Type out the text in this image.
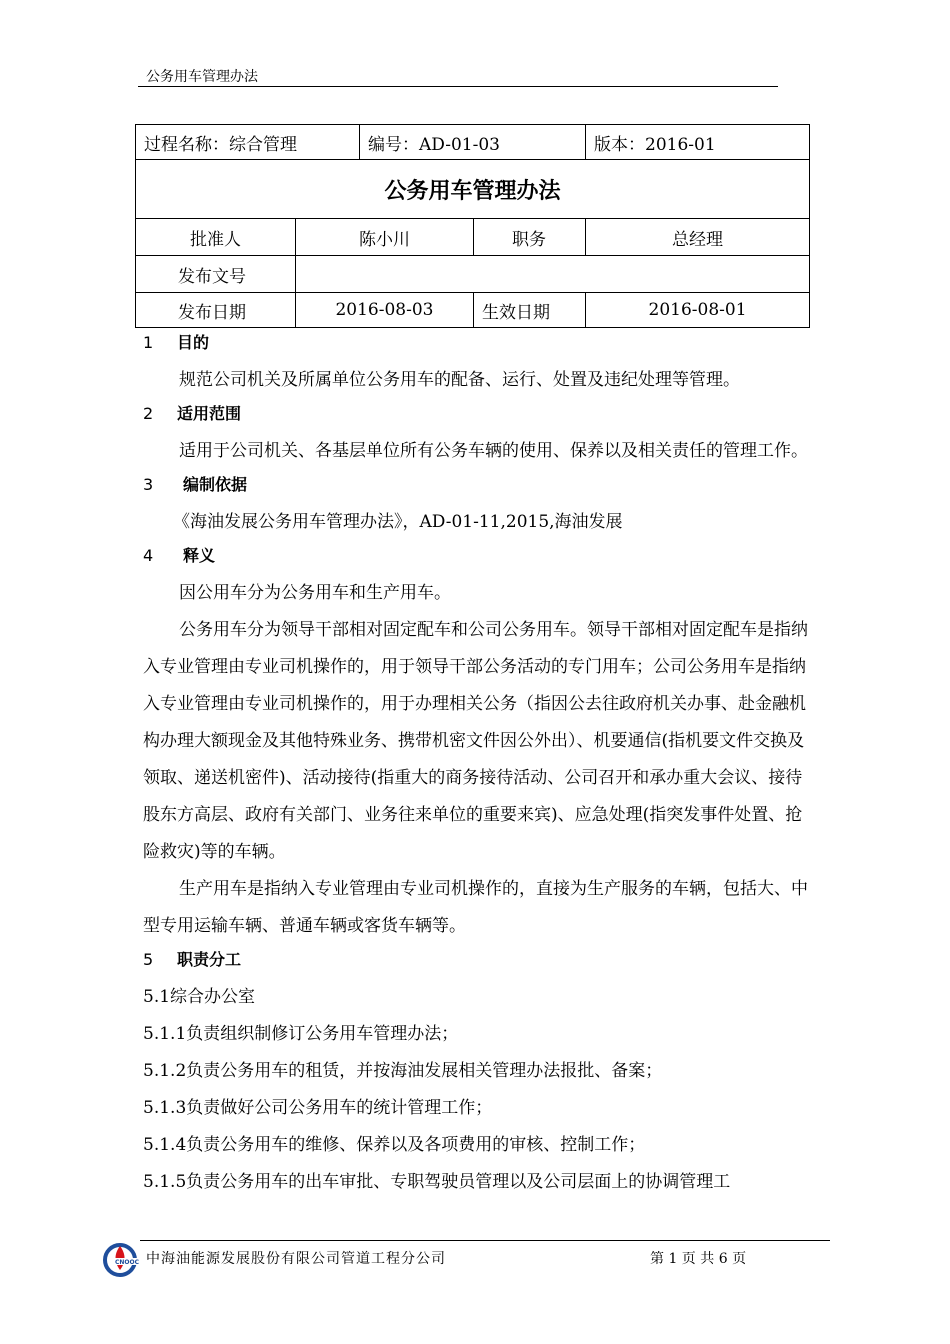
公务用车管理办法
过程名称：综合管理		编号：AD-01-03		版本：2016-01
公务用车管理办法				
批准人	陈小川		职务	总经理
发布文号				
发布日期	2016-08-03		生效日期	2016-08-01
1 目的

规范公司机关及所属单位公务用车的配备、运行、处置及违纪处理等管理。

2 适用范围

适用于公司机关、各基层单位所有公务车辆的使用、保养以及相关责任的管理工作。

3 编制依据

《海油发展公务用车管理办法》，AD-01-11,2015,海油发展

4 释义

因公用车分为公务用车和生产用车。

公务用车分为领导干部相对固定配车和公司公务用车。领导干部相对固定配车是指纳入专业管理由专业司机操作的，用于领导干部公务活动的专门用车；公司公务用车是指纳入专业管理由专业司机操作的，用于办理相关公务（指因公去往政府机关办事、赴金融机构办理大额现金及其他特殊业务、携带机密文件因公外出）、机要通信(指机要文件交换及领取、递送机密件)、活动接待(指重大的商务接待活动、公司召开和承办重大会议、接待股东方高层、政府有关部门、业务往来单位的重要来宾)、应急处理(指突发事件处置、抢险救灾)等的车辆。

生产用车是指纳入专业管理由专业司机操作的，直接为生产服务的车辆，包括大、中型专用运输车辆、普通车辆或客货车辆等。

5 职责分工

5.1综合办公室

5.1.1负责组织制修订公务用车管理办法；

5.1.2负责公务用车的租赁，并按海油发展相关管理办法报批、备案；

5.1.3负责做好公司公务用车的统计管理工作；

5.1.4负责公务用车的维修、保养以及各项费用的审核、控制工作；

5.1.5负责公务用车的出车审批、专职驾驶员管理以及公司层面上的协调管理工

CNOOC 中海油能源发展股份有限公司管道工程分公司	第 1 页 共 6 页
